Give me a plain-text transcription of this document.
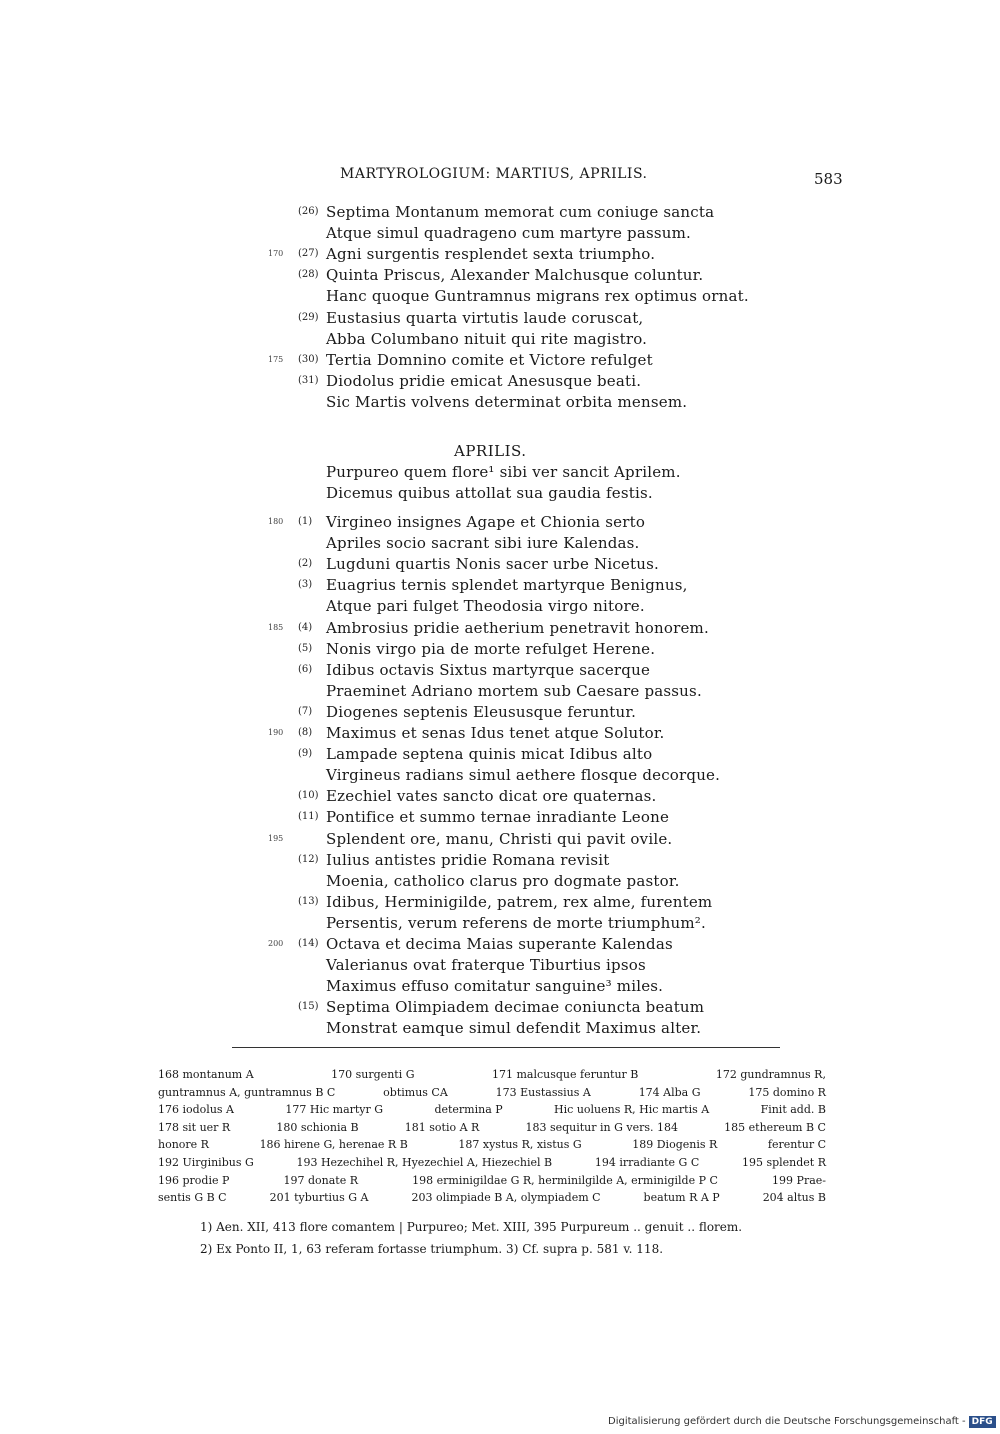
MARTYROLOGIUM: MARTIUS, APRILIS.	583
(26) Septima Montanum memorat cum coniuge sancta
Atque simul quadrageno cum martyre passum.
170 (27) Agni surgentis resplendet sexta triumpho.
(28) Quinta Priscus, Alexander Malchusque coluntur.
Hanc quoque Guntramnus migrans rex optimus ornat.
(29) Eustasius quarta virtutis laude coruscat,
Abba Columbano nituit qui rite magistro.
175 (30) Tertia Domnino comite et Victore refulget
(31) Diodolus pridie emicat Anesusque beati.
Sic Martis volvens determinat orbita mensem.
APRILIS.
Purpureo quem flore¹ sibi ver sancit Aprilem.
Dicemus quibus attollat sua gaudia festis.
180 (1) Virgineo insignes Agape et Chionia serto
Apriles socio sacrant sibi iure Kalendas.
(2) Lugduni quartis Nonis sacer urbe Nicetus.
(3) Euagrius ternis splendet martyrque Benignus,
Atque pari fulget Theodosia virgo nitore.
185 (4) Ambrosius pridie aetherium penetravit honorem.
(5) Nonis virgo pia de morte refulget Herene.
(6) Idibus octavis Sixtus martyrque sacerque
Praeminet Adriano mortem sub Caesare passus.
(7) Diogenes septenis Eleususque feruntur.
190 (8) Maximus et senas Idus tenet atque Solutor.
(9) Lampade septena quinis micat Idibus alto
Virgineus radians simul aethere flosque decorque.
(10) Ezechiel vates sancto dicat ore quaternas.
(11) Pontifice et summo ternae inradiante Leone
195	Splendent ore, manu, Christi qui pavit ovile.
(12) Iulius antistes pridie Romana revisit
Moenia, catholico clarus pro dogmate pastor.
(13) Idibus, Herminigilde, patrem, rex alme, furentem
Persentis, verum referens de morte triumphum².
200 (14) Octava et decima Maias superante Kalendas
Valerianus ovat fraterque Tiburtius ipsos
Maximus effuso comitatur sanguine³ miles.
(15) Septima Olimpiadem decimae coniuncta beatum
Monstrat eamque simul defendit Maximus alter.
168 montanum A	170 surgenti G	171 malcusque feruntur B	172 gundramnus R,
guntramnus A, guntramnus B C	obtimus CA	173 Eustassius A	174 Alba G	175 domino R
176 iodolus A	177 Hic martyr G	determina P	Hic uoluens R, Hic martis A	Finit add. B
178 sit uer R	180 schionia B	181 sotio A R	183 sequitur in G vers. 184	185 ethereum B C
honore R	186 hirene G, herenae R B	187 xystus R, xistus G	189 Diogenis R	ferentur C
192 Uirginibus G	193 Hezechihel R, Hyezechiel A, Hiezechiel B	194 irradiante G C	195 splendet R
196 prodie P	197 donate R	198 erminigildae G R, herminilgilde A, erminigilde P C	199 Prae-
sentis G B C	201 tyburtius G A	203 olimpiade B A, olympiadem C	beatum R A P	204 altus B
1) Aen. XII, 413 flore comantem | Purpureo; Met. XIII, 395 Purpureum .. genuit .. florem.
2) Ex Ponto II, 1, 63 referam fortasse triumphum. 3) Cf. supra p. 581 v. 118.
Digitalisierung gefördert durch die Deutsche Forschungsgemeinschaft - DFG
